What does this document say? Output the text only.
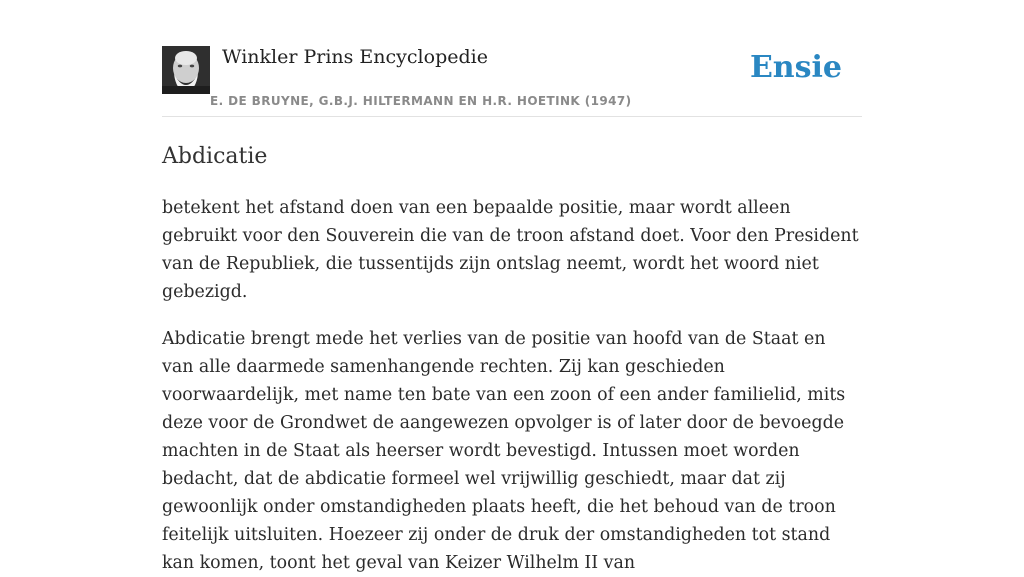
Winkler Prins Encyclopedie
E. DE BRUYNE, G.B.J. HILTERMANN EN H.R. HOETINK (1947)
Ensie
Abdicatie

betekent het afstand doen van een bepaalde positie, maar wordt alleen gebruikt voor den Souverein die van de troon afstand doet. Voor den President van de Republiek, die tussentijds zijn ontslag neemt, wordt het woord niet gebezigd.

Abdicatie brengt mede het verlies van de positie van hoofd van de Staat en van alle daarmede samenhangende rechten. Zij kan geschieden voorwaardelijk, met name ten bate van een zoon of een ander familielid, mits deze voor de Grondwet de aangewezen opvolger is of later door de bevoegde machten in de Staat als heerser wordt bevestigd. Intussen moet worden bedacht, dat de abdicatie formeel wel vrijwillig geschiedt, maar dat zij gewoonlijk onder omstandigheden plaats heeft, die het behoud van de troon feitelijk uitsluiten. Hoezeer zij onder de druk der omstandigheden tot stand kan komen, toont het geval van Keizer Wilhelm II van
